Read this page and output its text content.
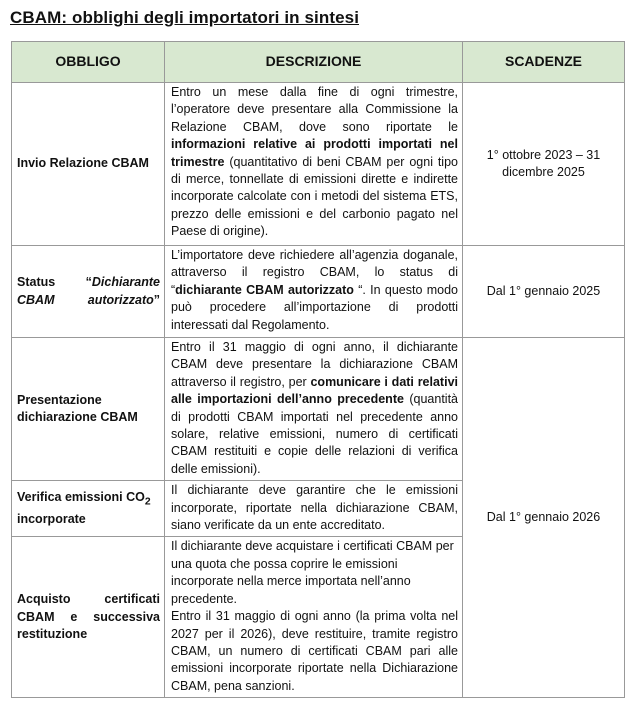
CBAM: obblighi degli importatori in sintesi
OBBLIGO	DESCRIZIONE	SCADENZE
Invio Relazione CBAM	Entro un mese dalla fine di ogni trimestre, l’operatore deve presentare alla Commissione la Relazione CBAM, dove sono riportate le informazioni relative ai prodotti importati nel trimestre (quantitativo di beni CBAM per ogni tipo di merce, tonnellate di emissioni dirette e indirette incorporate calcolate con i metodi del sistema ETS, prezzo delle emissioni e del carbonio pagato nel Paese di origine).	1° ottobre 2023 – 31 dicembre 2025
Status “Dichiarante CBAM autorizzato”	L’importatore deve richiedere all’agenzia doganale, attraverso il registro CBAM, lo status di “dichiarante CBAM autorizzato “. In questo modo può procedere all’importazione di prodotti interessati dal Regolamento.	Dal 1° gennaio 2025
Presentazione dichiarazione CBAM	Entro il 31 maggio di ogni anno, il dichiarante CBAM deve presentare la dichiarazione CBAM attraverso il registro, per comunicare i dati relativi alle importazioni dell’anno precedente (quantità di prodotti CBAM importati nel precedente anno solare, relative emissioni, numero di certificati CBAM restituiti e copie delle relazioni di verifica delle emissioni).	Dal 1° gennaio 2026
Verifica emissioni $CO_2$ incorporate	Il dichiarante deve garantire che le emissioni incorporate, riportate nella dichiarazione CBAM, siano verificate da un ente accreditato.	
Acquisto certificati CBAM e successiva restituzione	Il dichiarante deve acquistare i certificati CBAM per una quota che possa coprire le emissioni incorporate nella merce importata nell’anno precedente.

Entro il 31 maggio di ogni anno (la prima volta nel 2027 per il 2026), deve restituire, tramite registro CBAM, un numero di certificati CBAM pari alle emissioni incorporate riportate nella Dichiarazione CBAM, pena sanzioni.	
